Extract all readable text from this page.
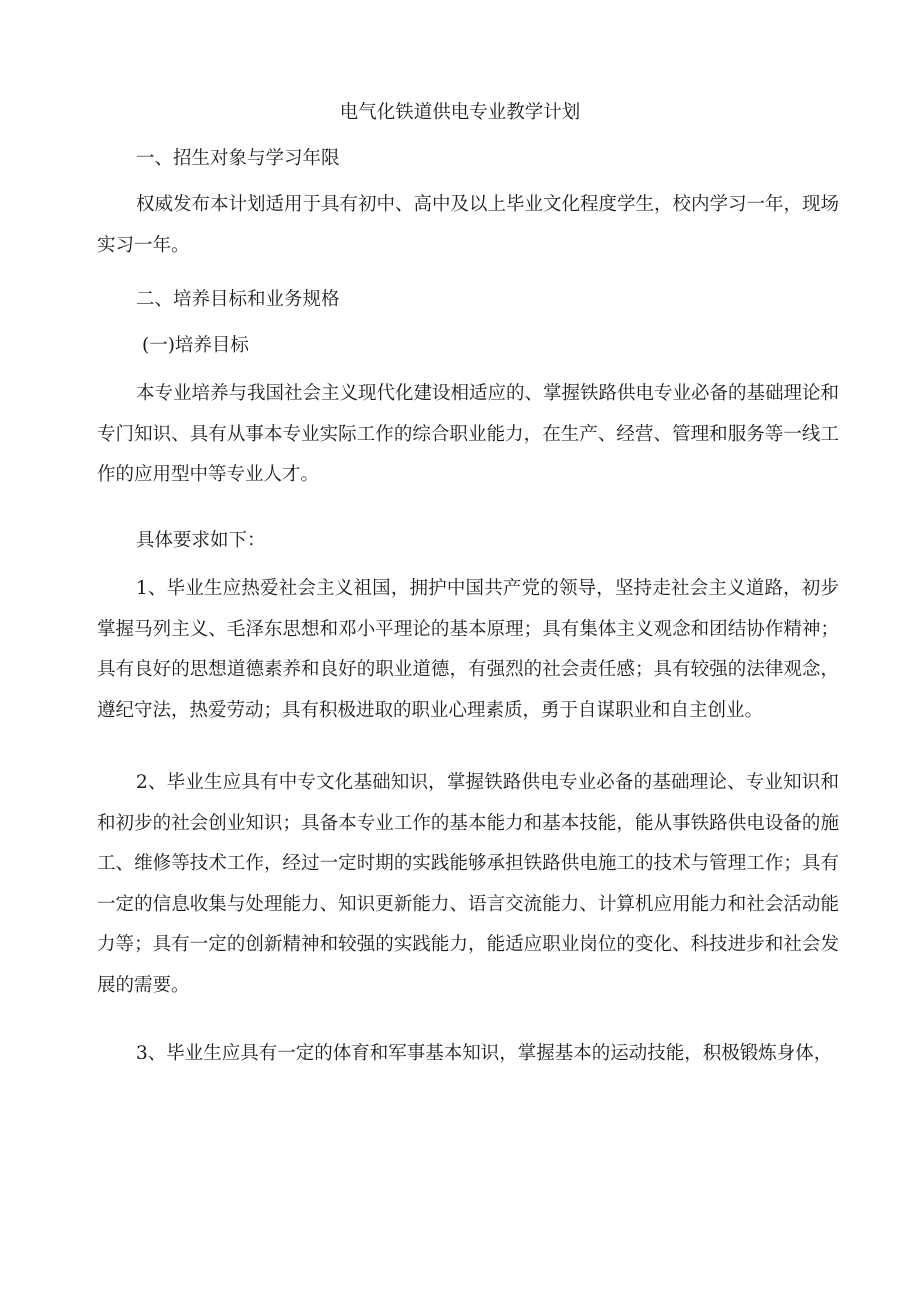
电气化铁道供电专业教学计划
一、招生对象与学习年限
权威发布本计划适用于具有初中、高中及以上毕业文化程度学生，校内学习一年，现场实习一年。
二、培养目标和业务规格
(一)培养目标
本专业培养与我国社会主义现代化建设相适应的、掌握铁路供电专业必备的基础理论和专门知识、具有从事本专业实际工作的综合职业能力，在生产、经营、管理和服务等一线工作的应用型中等专业人才。
具体要求如下：
1、毕业生应热爱社会主义祖国，拥护中国共产党的领导，坚持走社会主义道路，初步掌握马列主义、毛泽东思想和邓小平理论的基本原理；具有集体主义观念和团结协作精神；具有良好的思想道德素养和良好的职业道德，有强烈的社会责任感；具有较强的法律观念，遵纪守法，热爱劳动；具有积极进取的职业心理素质，勇于自谋职业和自主创业。
2、毕业生应具有中专文化基础知识，掌握铁路供电专业必备的基础理论、专业知识和和初步的社会创业知识；具备本专业工作的基本能力和基本技能，能从事铁路供电设备的施工、维修等技术工作，经过一定时期的实践能够承担铁路供电施工的技术与管理工作；具有一定的信息收集与处理能力、知识更新能力、语言交流能力、计算机应用能力和社会活动能力等；具有一定的创新精神和较强的实践能力，能适应职业岗位的变化、科技进步和社会发展的需要。
3、毕业生应具有一定的体育和军事基本知识，掌握基本的运动技能，积极锻炼身体，
